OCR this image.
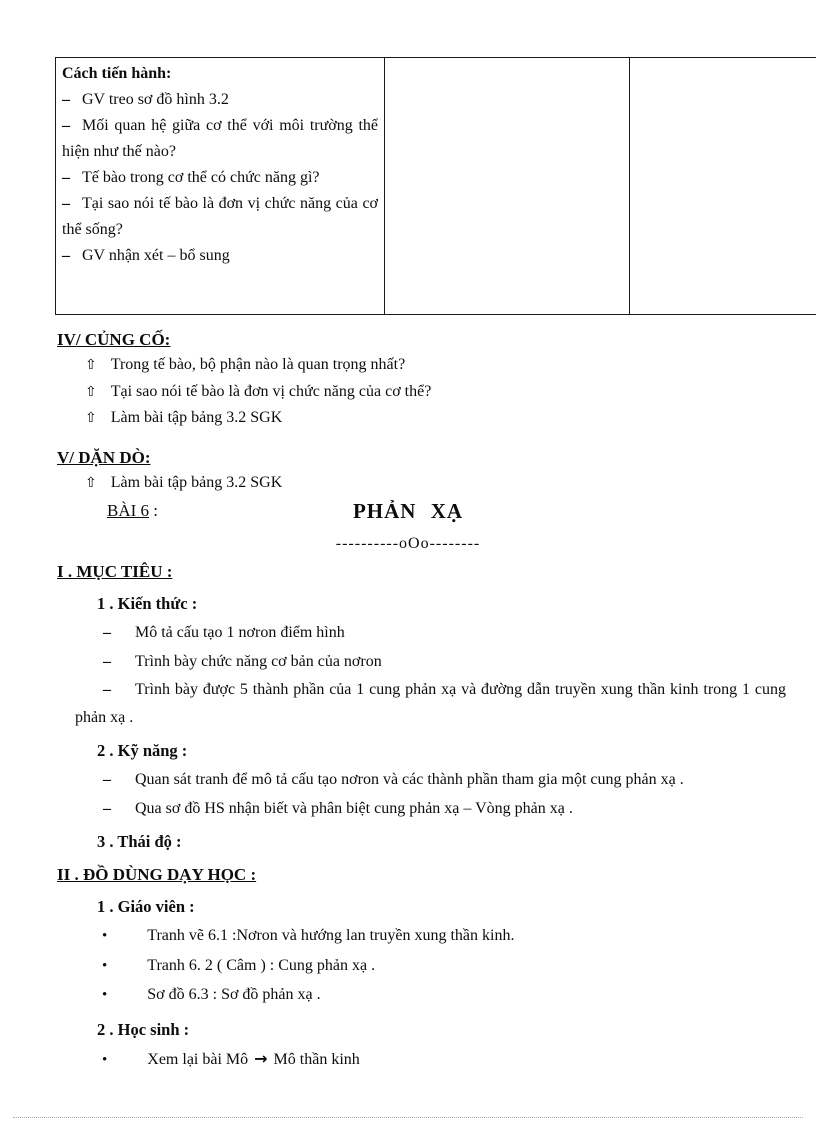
Cách tiến hành:

– GV treo sơ đồ hình 3.2

– Mối quan hệ giữa cơ thể với môi trường thể hiện như thế nào?

– Tế bào trong cơ thể có chức năng gì?

– Tại sao nói tế bào là đơn vị chức năng của cơ thể sống?

– GV nhận xét – bổ sung

IV/ CỦNG CỐ:

⇧ Trong tế bào, bộ phận nào là quan trọng nhất?

⇧ Tại sao nói tế bào là đơn vị chức năng của cơ thể?

⇧ Làm bài tập bảng 3.2 SGK

V/ DẶN DÒ:

⇧ Làm bài tập bảng 3.2 SGK

BÀI 6 :	PHẢN XẠ
----------oOo--------
I . MỤC TIÊU :

1 . Kiến thức :

– Mô tả cấu tạo 1 nơron điểm hình

– Trình bày chức năng cơ bản của nơron

– Trình bày được 5 thành phần của 1 cung phản xạ và đường dẫn truyền xung thần kinh trong 1 cung phản xạ .

2 . Kỹ năng :

– Quan sát tranh để mô tả cấu tạo nơron và các thành phần tham gia một cung phản xạ .

– Qua sơ đồ HS nhận biết và phân biệt cung phản xạ – Vòng phản xạ .

3 . Thái độ :

II . ĐỒ DÙNG DẠY HỌC :

1 . Giáo viên :

•	Tranh vẽ 6.1 :Nơron và hướng lan truyền xung thần kinh.

•	Tranh 6. 2 ( Câm ) : Cung phản xạ .

•	Sơ đồ 6.3 : Sơ đồ phản xạ .

2 . Học sinh :

•	Xem lại bài Mô → Mô thần kinh
